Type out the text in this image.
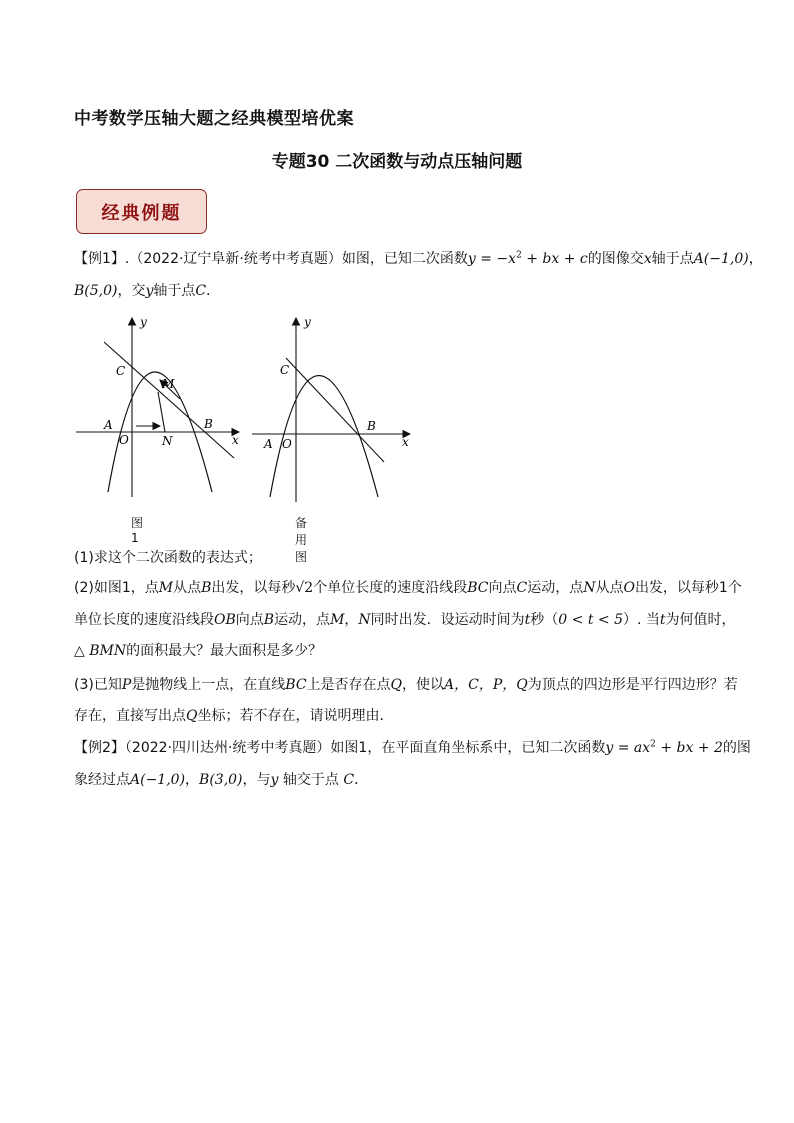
中考数学压轴大题之经典模型培优案
专题30 二次函数与动点压轴问题
经典例题
【例1】.（2022·辽宁阜新·统考中考真题）如图，已知二次函数$y = -x^2$ + bx + c的图像交x轴于点A(−1,0)，
B(5,0)，交y轴于点C．
y
x
C
M
A
O	N
B
y
x
C
A O
B
图1
备用图
(1)求这个二次函数的表达式；
(2)如图1，点M从点B出发，以每秒√2个单位长度的速度沿线段BC向点C运动，点N从点O出发，以每秒1个
单位长度的速度沿线段OB向点B运动，点M，N同时出发．设运动时间为t秒（0 < t < 5）. 当t为何值时，
△ BMN的面积最大？最大面积是多少？
(3)已知P是抛物线上一点，在直线BC上是否存在点Q，使以A，C，P，Q为顶点的四边形是平行四边形？若
存在，直接写出点Q坐标；若不存在，请说明理由．
【例2】（2022·四川达州·统考中考真题）如图1，在平面直角坐标系中，已知二次函数$y = ax^2$ + bx + 2的图
象经过点A(−1,0)，B(3,0)，与y 轴交于点 C．
